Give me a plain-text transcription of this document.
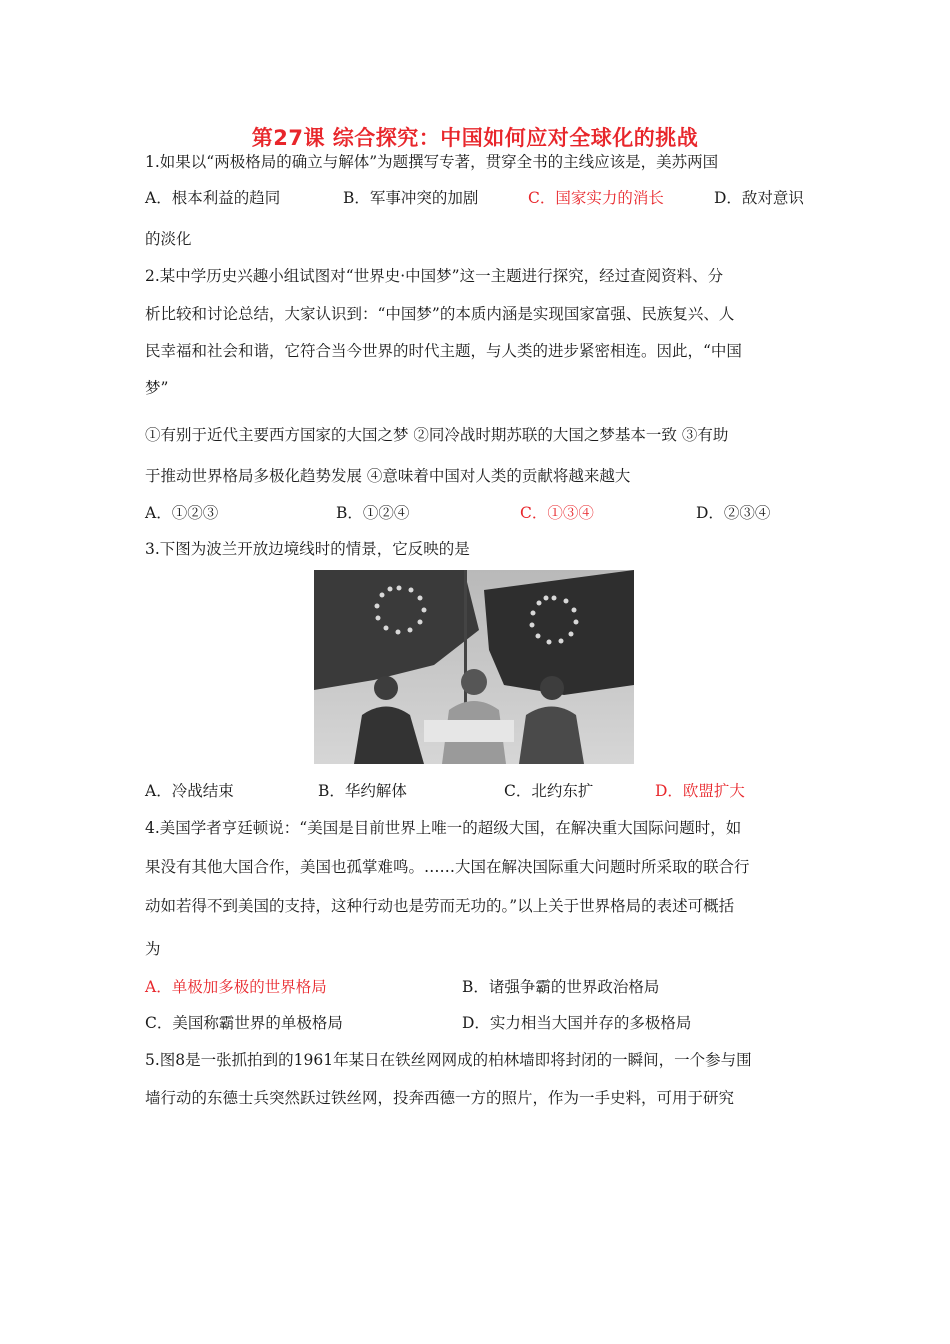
第27课 综合探究：中国如何应对全球化的挑战
1.如果以“两极格局的确立与解体”为题撰写专著，贯穿全书的主线应该是，美苏两国
A．根本利益的趋同	B．军事冲突的加剧	C．国家实力的消长	D．敌对意识
的淡化
2.某中学历史兴趣小组试图对“世界史·中国梦”这一主题进行探究，经过查阅资料、分
析比较和讨论总结，大家认识到：“中国梦”的本质内涵是实现国家富强、民族复兴、人
民幸福和社会和谐，它符合当今世界的时代主题，与人类的进步紧密相连。因此，“中国
梦”
①有别于近代主要西方国家的大国之梦 ②同冷战时期苏联的大国之梦基本一致 ③有助
于推动世界格局多极化趋势发展 ④意味着中国对人类的贡献将越来越大
A．①②③	B．①②④	C．①③④	D．②③④
3.下图为波兰开放边境线时的情景，它反映的是
A．冷战结束	B．华约解体	C．北约东扩	D．欧盟扩大
4.美国学者亨廷顿说：“美国是目前世界上唯一的超级大国，在解决重大国际问题时，如
果没有其他大国合作，美国也孤掌难鸣。……大国在解决国际重大问题时所采取的联合行
动如若得不到美国的支持，这种行动也是劳而无功的。”以上关于世界格局的表述可概括
为
A．单极加多极的世界格局	B．诸强争霸的世界政治格局
C．美国称霸世界的单极格局	D．实力相当大国并存的多极格局
5.图8是一张抓拍到的1961年某日在铁丝网网成的柏林墙即将封闭的一瞬间，一个参与围
墙行动的东德士兵突然跃过铁丝网，投奔西德一方的照片，作为一手史料，可用于研究
